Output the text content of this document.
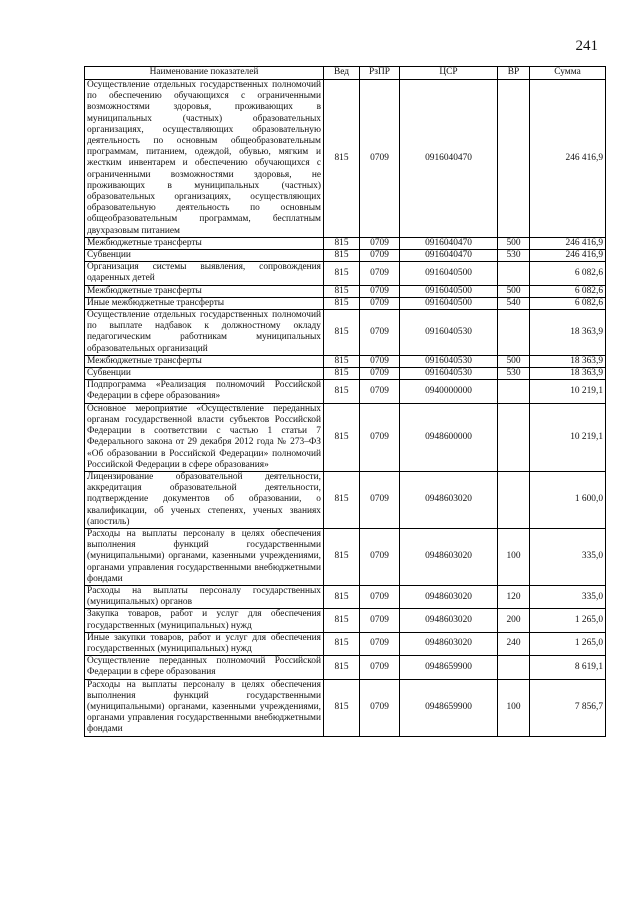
241
Наименование показателей	Вед	РзПР	ЦСР	ВР	Сумма
Осуществление отдельных государственных полномочий по обеспечению обучающихся с ограниченными возможностями здоровья, проживающих в муниципальных (частных) образовательных организациях, осуществляющих образовательную деятельность по основным общеобразовательным программам, питанием, одеждой, обувью, мягким и жестким инвентарем и обеспечению обучающихся с ограниченными возможностями здоровья, не проживающих в муниципальных (частных) образовательных организациях, осуществляющих образовательную деятельность по основным общеобразовательным программам, бесплатным двухразовым питанием	815	0709	0916040470		246 416,9
Межбюджетные трансферты	815	0709	0916040470	500	246 416,9
Субвенции	815	0709	0916040470	530	246 416,9
Организация системы выявления, сопровождения одаренных детей	815	0709	0916040500		6 082,6
Межбюджетные трансферты	815	0709	0916040500	500	6 082,6
Иные межбюджетные трансферты	815	0709	0916040500	540	6 082,6
Осуществление отдельных государственных полномочий по выплате надбавок к должностному окладу педагогическим работникам муниципальных образовательных организаций	815	0709	0916040530		18 363,9
Межбюджетные трансферты	815	0709	0916040530	500	18 363,9
Субвенции	815	0709	0916040530	530	18 363,9
Подпрограмма «Реализация полномочий Российской Федерации в сфере образования»	815	0709	0940000000		10 219,1
Основное мероприятие «Осуществление переданных органам государственной власти субъектов Российской Федерации в соответствии с частью 1 статьи 7 Федерального закона от 29 декабря 2012 года № 273–ФЗ «Об образовании в Российской Федерации» полномочий Российской Федерации в сфере образования»	815	0709	0948600000		10 219,1
Лицензирование образовательной деятельности, аккредитация образовательной деятельности, подтверждение документов об образовании, о квалификации, об ученых степенях, ученых званиях (апостиль)	815	0709	0948603020		1 600,0
Расходы на выплаты персоналу в целях обеспечения выполнения функций государственными (муниципальными) органами, казенными учреждениями, органами управления государственными внебюджетными фондами	815	0709	0948603020	100	335,0
Расходы на выплаты персоналу государственных (муниципальных) органов	815	0709	0948603020	120	335,0
Закупка товаров, работ и услуг для обеспечения государственных (муниципальных) нужд	815	0709	0948603020	200	1 265,0
Иные закупки товаров, работ и услуг для обеспечения государственных (муниципальных) нужд	815	0709	0948603020	240	1 265,0
Осуществление переданных полномочий Российской Федерации в сфере образования	815	0709	0948659900		8 619,1
Расходы на выплаты персоналу в целях обеспечения выполнения функций государственными (муниципальными) органами, казенными учреждениями, органами управления государственными внебюджетными фондами	815	0709	0948659900	100	7 856,7
